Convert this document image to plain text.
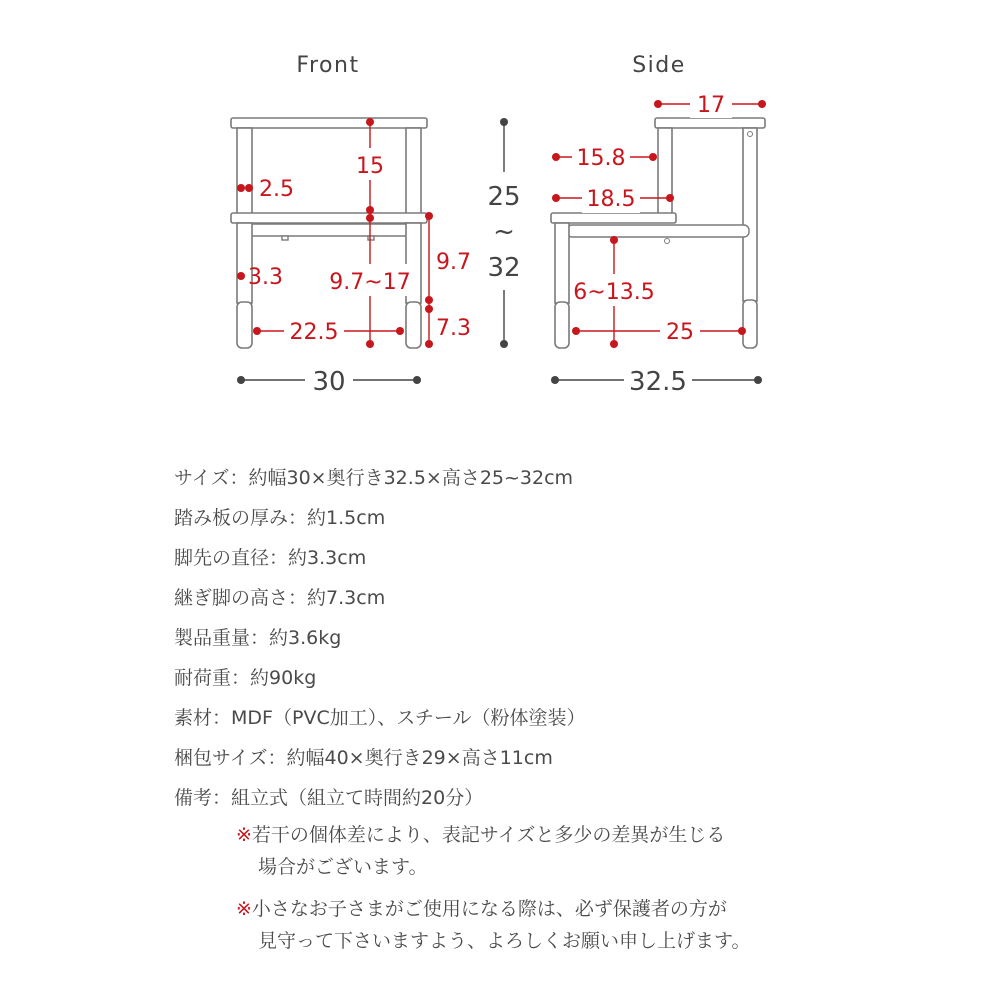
Front	Side
15
2.5
3.3 9.7~17
9.7
7.3
22.5
30
25
~
32
17
15.8
18.5
6~13.5
25
32.5
サイズ：約幅30×奥行き32.5×高さ25~32cm
踏み板の厚み：約1.5cm
脚先の直径：約3.3cm
継ぎ脚の高さ：約7.3cm
製品重量：約3.6kg
耐荷重：約90kg
素材：MDF（PVC加工）、スチール（粉体塗装）
梱包サイズ：約幅40×奥行き29×高さ11cm
備考：組立式（組立て時間約20分）
※若干の個体差により、表記サイズと多少の差異が生じる
場合がございます。
※小さなお子さまがご使用になる際は、必ず保護者の方が
見守って下さいますよう、よろしくお願い申し上げます。
